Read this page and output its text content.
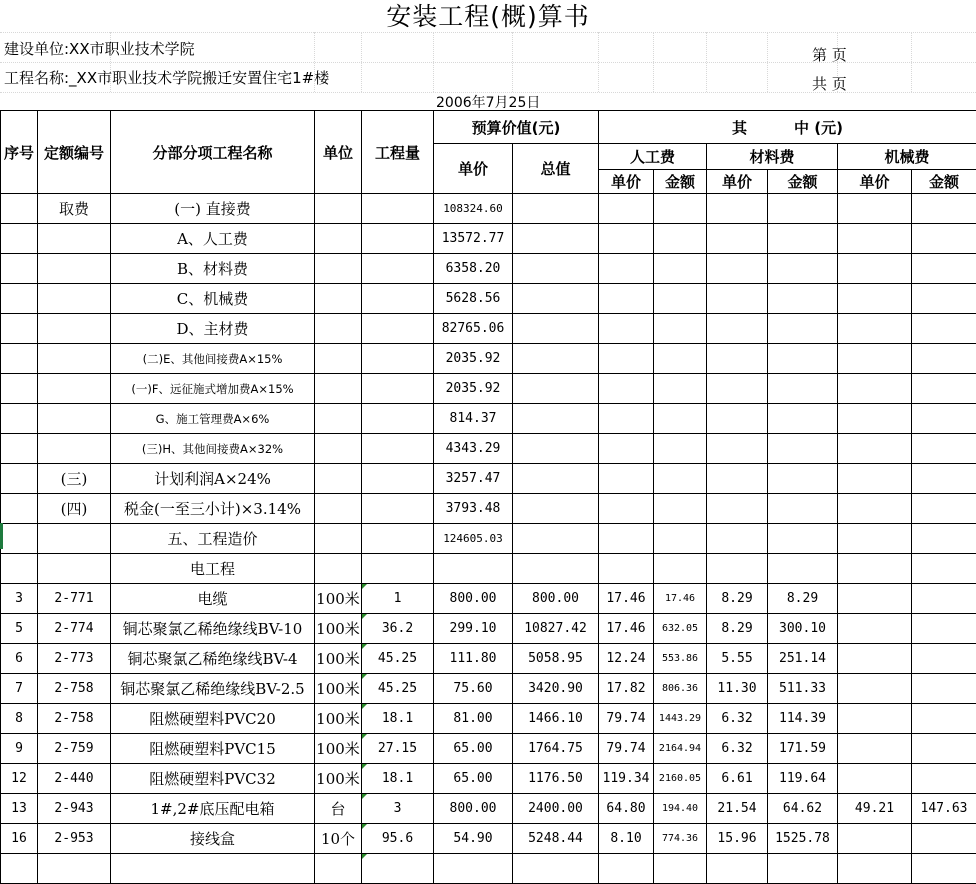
安装工程(概)算书
建设单位:XX市职业技术学院
工程名称:_XX市职业技术学院搬迁安置住宅1#楼
第 页
共 页
2006年7月25日
序号	定额编号	分部分项工程名称	单位	工程量	预算价值(元)		其         中 (元)					
					单价	总值	人工费		材料费		机械费	
							单价	金额	单价	金额	单价	金额
	取费	(一) 直接费			108324.60							
		A、人工费			13572.77							
		B、材料费			6358.20							
		C、机械费			5628.56							
		D、主材费			82765.06							
		(二)E、其他间接费A×15%			2035.92							
		(一)F、远征施式增加费A×15%			2035.92							
		G、施工管理费A×6%			814.37							
		(三)H、其他间接费A×32%			4343.29							
	(三)	计划利润A×24%			3257.47							
	(四)	税金(一至三小计)×3.14%			3793.48							
		五、工程造价			124605.03							
		电工程										
3	2-771	电缆	100米	1	800.00	800.00	17.46	17.46	8.29	8.29		
5	2-774	铜芯聚氯乙稀绝缘线BV-10	100米	36.2	299.10	10827.42	17.46	632.05	8.29	300.10		
6	2-773	铜芯聚氯乙稀绝缘线BV-4	100米	45.25	111.80	5058.95	12.24	553.86	5.55	251.14		
7	2-758	铜芯聚氯乙稀绝缘线BV-2.5	100米	45.25	75.60	3420.90	17.82	806.36	11.30	511.33		
8	2-758	阻燃硬塑料PVC20	100米	18.1	81.00	1466.10	79.74	1443.29	6.32	114.39		
9	2-759	阻燃硬塑料PVC15	100米	27.15	65.00	1764.75	79.74	2164.94	6.32	171.59		
12	2-440	阻燃硬塑料PVC32	100米	18.1	65.00	1176.50	119.34	2160.05	6.61	119.64		
13	2-943	1#,2#底压配电箱	台	3	800.00	2400.00	64.80	194.40	21.54	64.62	49.21	147.63
16	2-953	接线盒	10个	95.6	54.90	5248.44	8.10	774.36	15.96	1525.78		
